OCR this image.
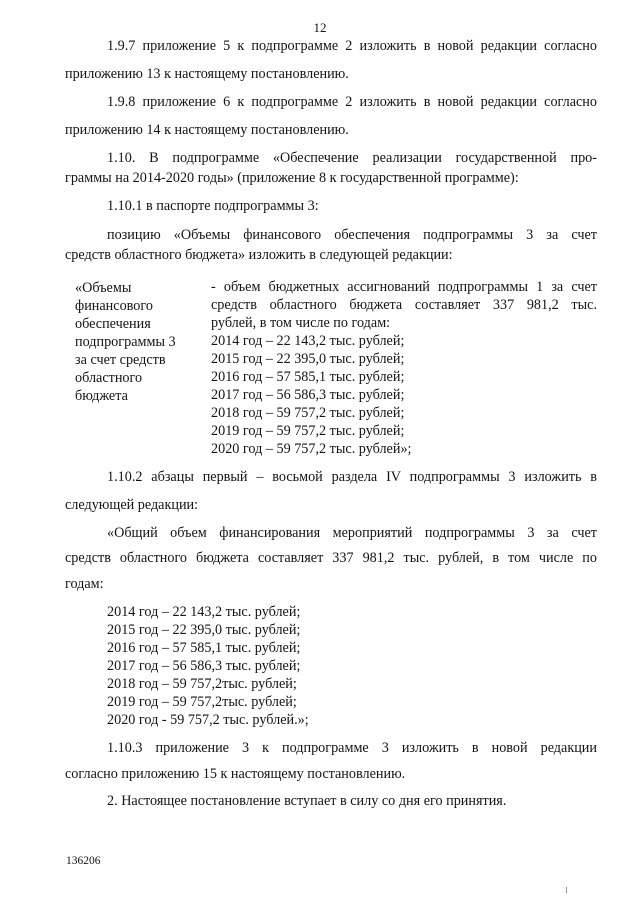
12
1.9.7 приложение 5 к подпрограмме 2 изложить в новой редакции согласно
приложению 13 к настоящему постановлению.
1.9.8 приложение 6 к подпрограмме 2 изложить в новой редакции согласно
приложению 14 к настоящему постановлению.
1.10. В подпрограмме «Обеспечение реализации государственной про-
граммы на 2014-2020 годы» (приложение 8 к государственной программе):
1.10.1 в паспорте подпрограммы 3:
позицию «Объемы финансового обеспечения подпрограммы 3 за счет
средств областного бюджета» изложить в следующей редакции:
«Объемы
финансового
обеспечения
подпрограммы 3
за счет средств
областного
бюджета
- объем бюджетных ассигнований подпрограммы 1 за счет
средств областного бюджета составляет 337 981,2 тыс.
рублей, в том числе по годам:
2014 год – 22 143,2 тыс. рублей;
2015 год – 22 395,0 тыс. рублей;
2016 год – 57 585,1 тыс. рублей;
2017 год – 56 586,3 тыс. рублей;
2018 год – 59 757,2 тыс. рублей;
2019 год – 59 757,2 тыс. рублей;
2020 год – 59 757,2 тыс. рублей»;
1.10.2 абзацы первый – восьмой раздела IV подпрограммы 3 изложить в
следующей редакции:
«Общий объем финансирования мероприятий подпрограммы 3 за счет
средств областного бюджета составляет 337 981,2 тыс. рублей, в том числе по
годам:
2014 год – 22 143,2 тыс. рублей;
2015 год – 22 395,0 тыс. рублей;
2016 год – 57 585,1 тыс. рублей;
2017 год – 56 586,3 тыс. рублей;
2018 год – 59 757,2тыс. рублей;
2019 год – 59 757,2тыс. рублей;
2020 год - 59 757,2 тыс. рублей.»;
1.10.3 приложение 3 к подпрограмме 3 изложить в новой редакции
согласно приложению 15 к настоящему постановлению.
2. Настоящее постановление вступает в силу со дня его принятия.
136206
